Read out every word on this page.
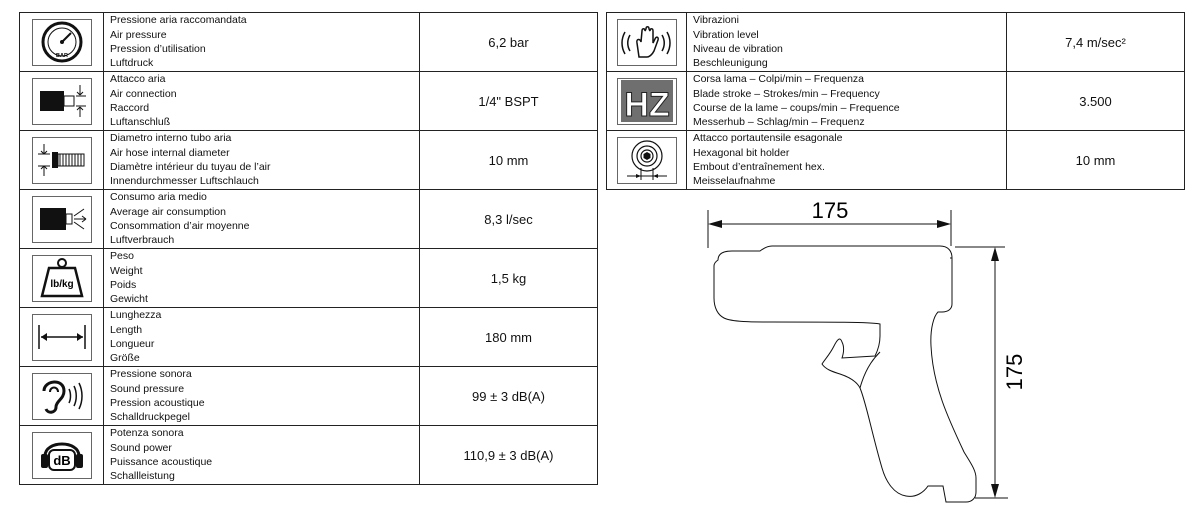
BAR	Pressione aria raccomandata
Air pressure
Pression d’utilisation
Luftdruck	6,2 bar

Attacco aria
Air connection
Raccord
Luftanschluß	1/4" BSPT

Diametro interno tubo aria
Air hose internal diameter
Diamètre intérieur du tuyau de l’air
Innendurchmesser Luftschlauch	10 mm

Consumo aria medio
Average air consumption
Consommation d’air moyenne
Luftverbrauch	8,3 l/sec

lb/kg	Peso
Weight
Poids
Gewicht	1,5 kg

Lunghezza
Length
Longueur
Größe	180 mm

Pressione sonora
Sound pressure
Pression acoustique
Schalldruckpegel	99 ± 3 dB(A)

dB	Potenza sonora
Sound power
Puissance acoustique
Schallleistung	110,9 ± 3 dB(A)

Vibrazioni
Vibration level
Niveau de vibration
Beschleunigung	7,4 m/sec²

HZ	Corsa lama – Colpi/min – Frequenza
Blade stroke – Strokes/min – Frequency
Course de la lame – coups/min – Frequence
Messerhub – Schlag/min – Frequenz	3.500

Attacco portautensile esagonale
Hexagonal bit holder
Embout d’entraînement hex.
Meisselaufnahme	10 mm
175
175
